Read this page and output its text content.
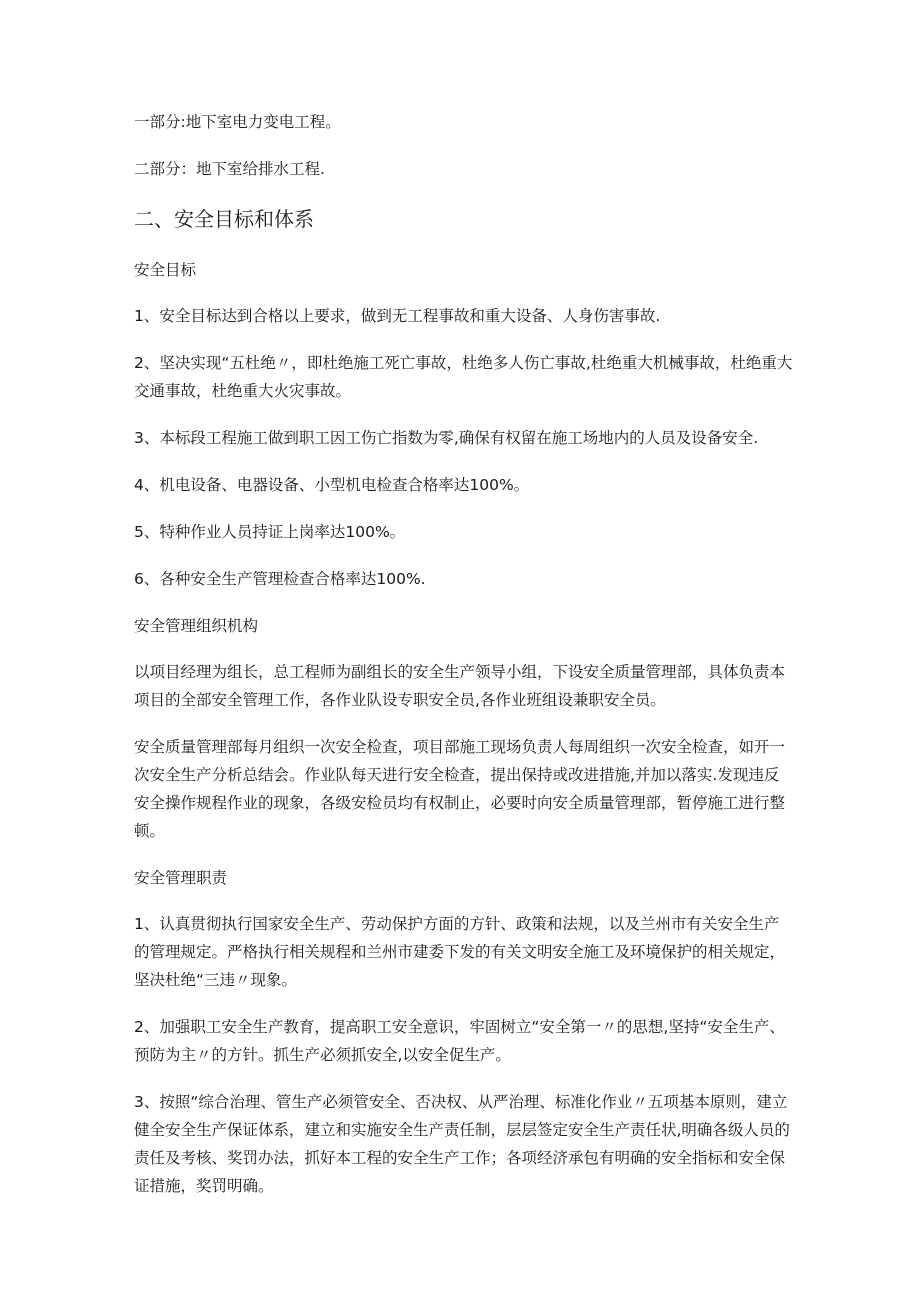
一部分:地下室电力变电工程。

二部分：地下室给排水工程.

二、安全目标和体系

安全目标

1、安全目标达到合格以上要求，做到无工程事故和重大设备、人身伤害事故.

2、坚决实现“五杜绝〃，即杜绝施工死亡事故，杜绝多人伤亡事故,杜绝重大机械事故，杜绝重大交通事故，杜绝重大火灾事故。

3、本标段工程施工做到职工因工伤亡指数为零,确保有权留在施工场地内的人员及设备安全.

4、机电设备、电器设备、小型机电检查合格率达100%。

5、特种作业人员持证上岗率达100%。

6、各种安全生产管理检查合格率达100%.

安全管理组织机构

以项目经理为组长，总工程师为副组长的安全生产领导小组，下设安全质量管理部，具体负责本项目的全部安全管理工作，各作业队设专职安全员,各作业班组设兼职安全员。

安全质量管理部每月组织一次安全检查，项目部施工现场负责人每周组织一次安全检查，如开一次安全生产分析总结会。作业队每天进行安全检查，提出保持或改进措施,并加以落实.发现违反安全操作规程作业的现象，各级安检员均有权制止，必要时向安全质量管理部，暂停施工进行整顿。

安全管理职责

1、认真贯彻执行国家安全生产、劳动保护方面的方针、政策和法规，以及兰州市有关安全生产的管理规定。严格执行相关规程和兰州市建委下发的有关文明安全施工及环境保护的相关规定，坚决杜绝“三违〃现象。

2、加强职工安全生产教育，提高职工安全意识，牢固树立“安全第一〃的思想,坚持“安全生产、预防为主〃的方针。抓生产必须抓安全,以安全促生产。

3、按照“综合治理、管生产必须管安全、否决权、从严治理、标准化作业〃五项基本原则，建立健全安全生产保证体系，建立和实施安全生产责任制，层层签定安全生产责任状,明确各级人员的责任及考核、奖罚办法，抓好本工程的安全生产工作；各项经济承包有明确的安全指标和安全保证措施，奖罚明确。
